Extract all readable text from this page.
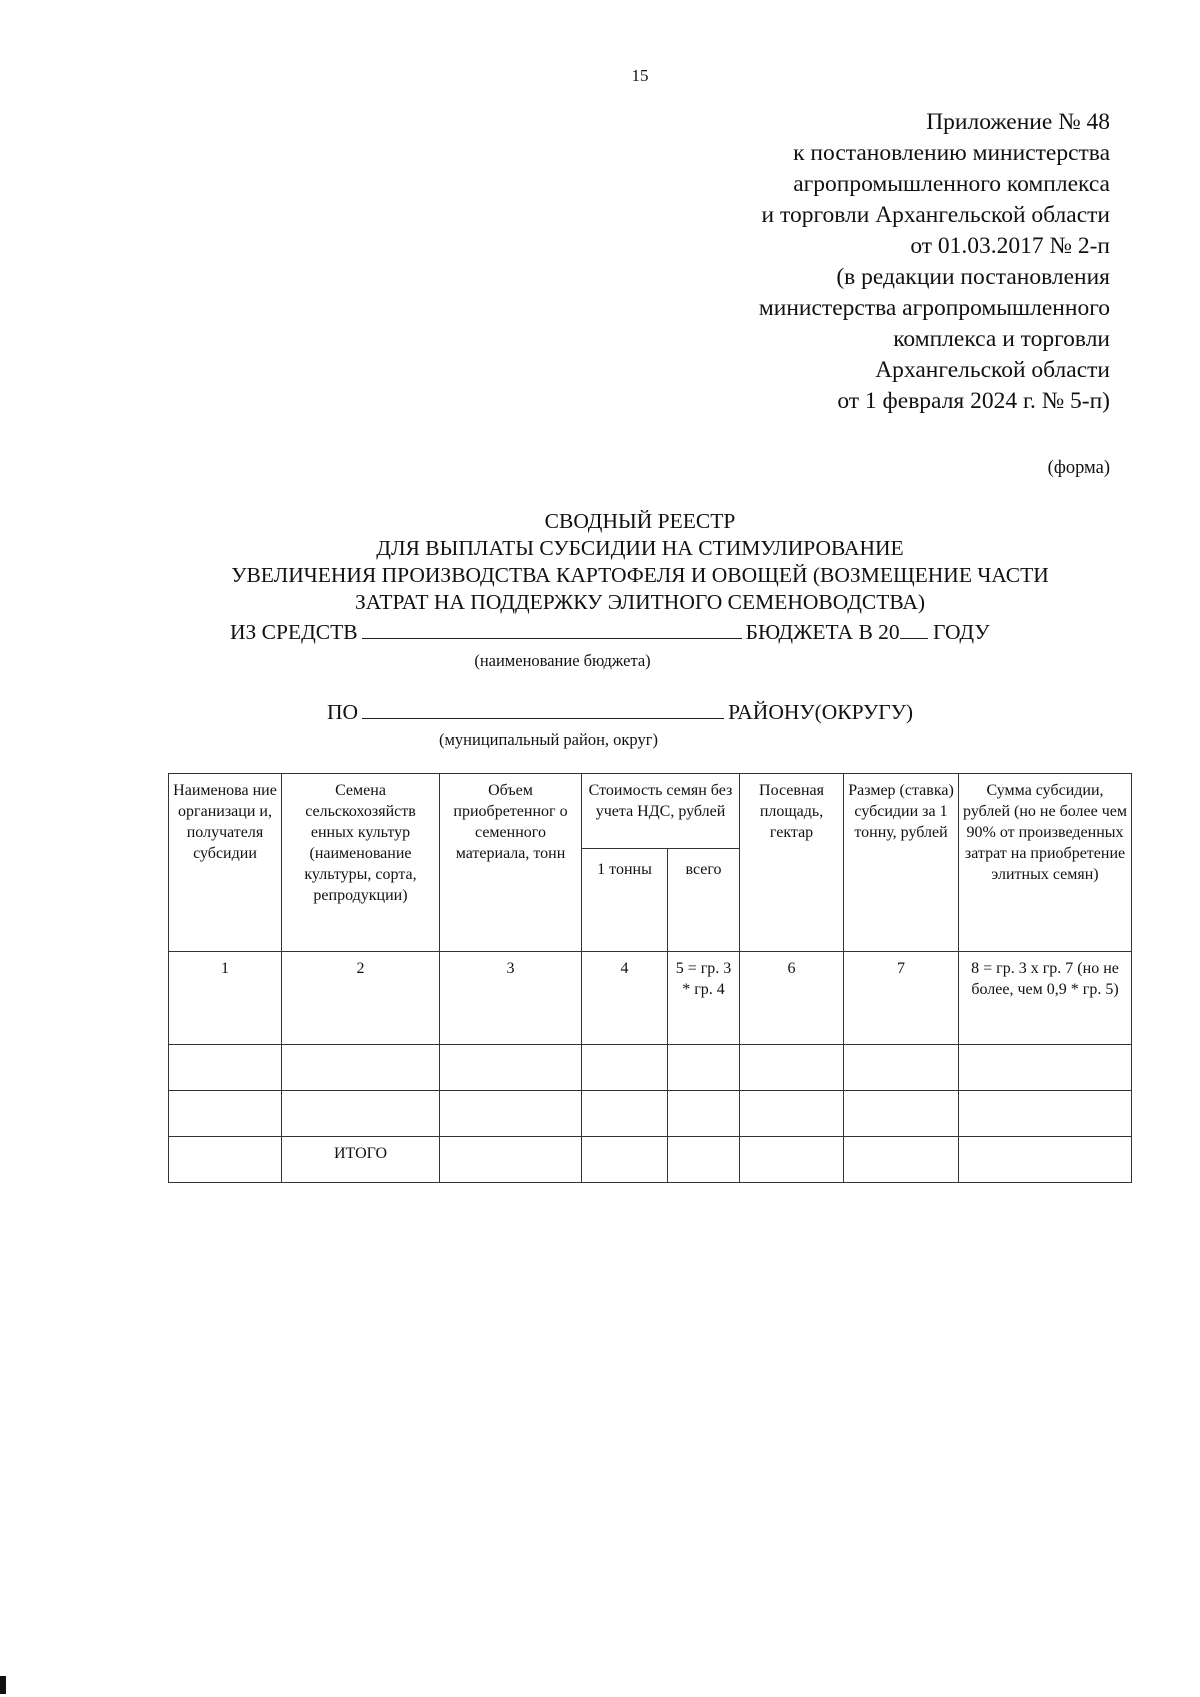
15
Приложение № 48
к постановлению министерства
агропромышленного комплекса
и торговли Архангельской области
от 01.03.2017 № 2-п
(в редакции постановления
министерства агропромышленного
комплекса и торговли
Архангельской области
от 1 февраля 2024 г. № 5-п)
(форма)
СВОДНЫЙ РЕЕСТР
ДЛЯ ВЫПЛАТЫ СУБСИДИИ НА СТИМУЛИРОВАНИЕ
УВЕЛИЧЕНИЯ ПРОИЗВОДСТВА КАРТОФЕЛЯ И ОВОЩЕЙ (ВОЗМЕЩЕНИЕ ЧАСТИ
ЗАТРАТ НА ПОДДЕРЖКУ ЭЛИТНОГО СЕМЕНОВОДСТВА)
ИЗ СРЕДСТВ	БЮДЖЕТА В 20 ГОДУ
(наименование бюджета)
ПО	РАЙОНУ(ОКРУГУ)
(муниципальный район, округ)
Наименова ние организаци и, получателя субсидии	Семена сельскохозяйств енных культур (наименование культуры, сорта, репродукции)	Объем приобретенног о семенного материала, тонн	Стоимость семян без учета НДС, рублей		Посевная площадь, гектар	Размер (ставка) субсидии за 1 тонну, рублей	Сумма субсидии, рублей (но не более чем 90% от произведенных затрат на приобретение элитных семян)
			1 тонны	всего			
1	2	3	4	5 = гр. 3 * гр. 4	6	7	8 = гр. 3 х гр. 7 (но не более, чем 0,9 * гр. 5)

	ИТОГО						
